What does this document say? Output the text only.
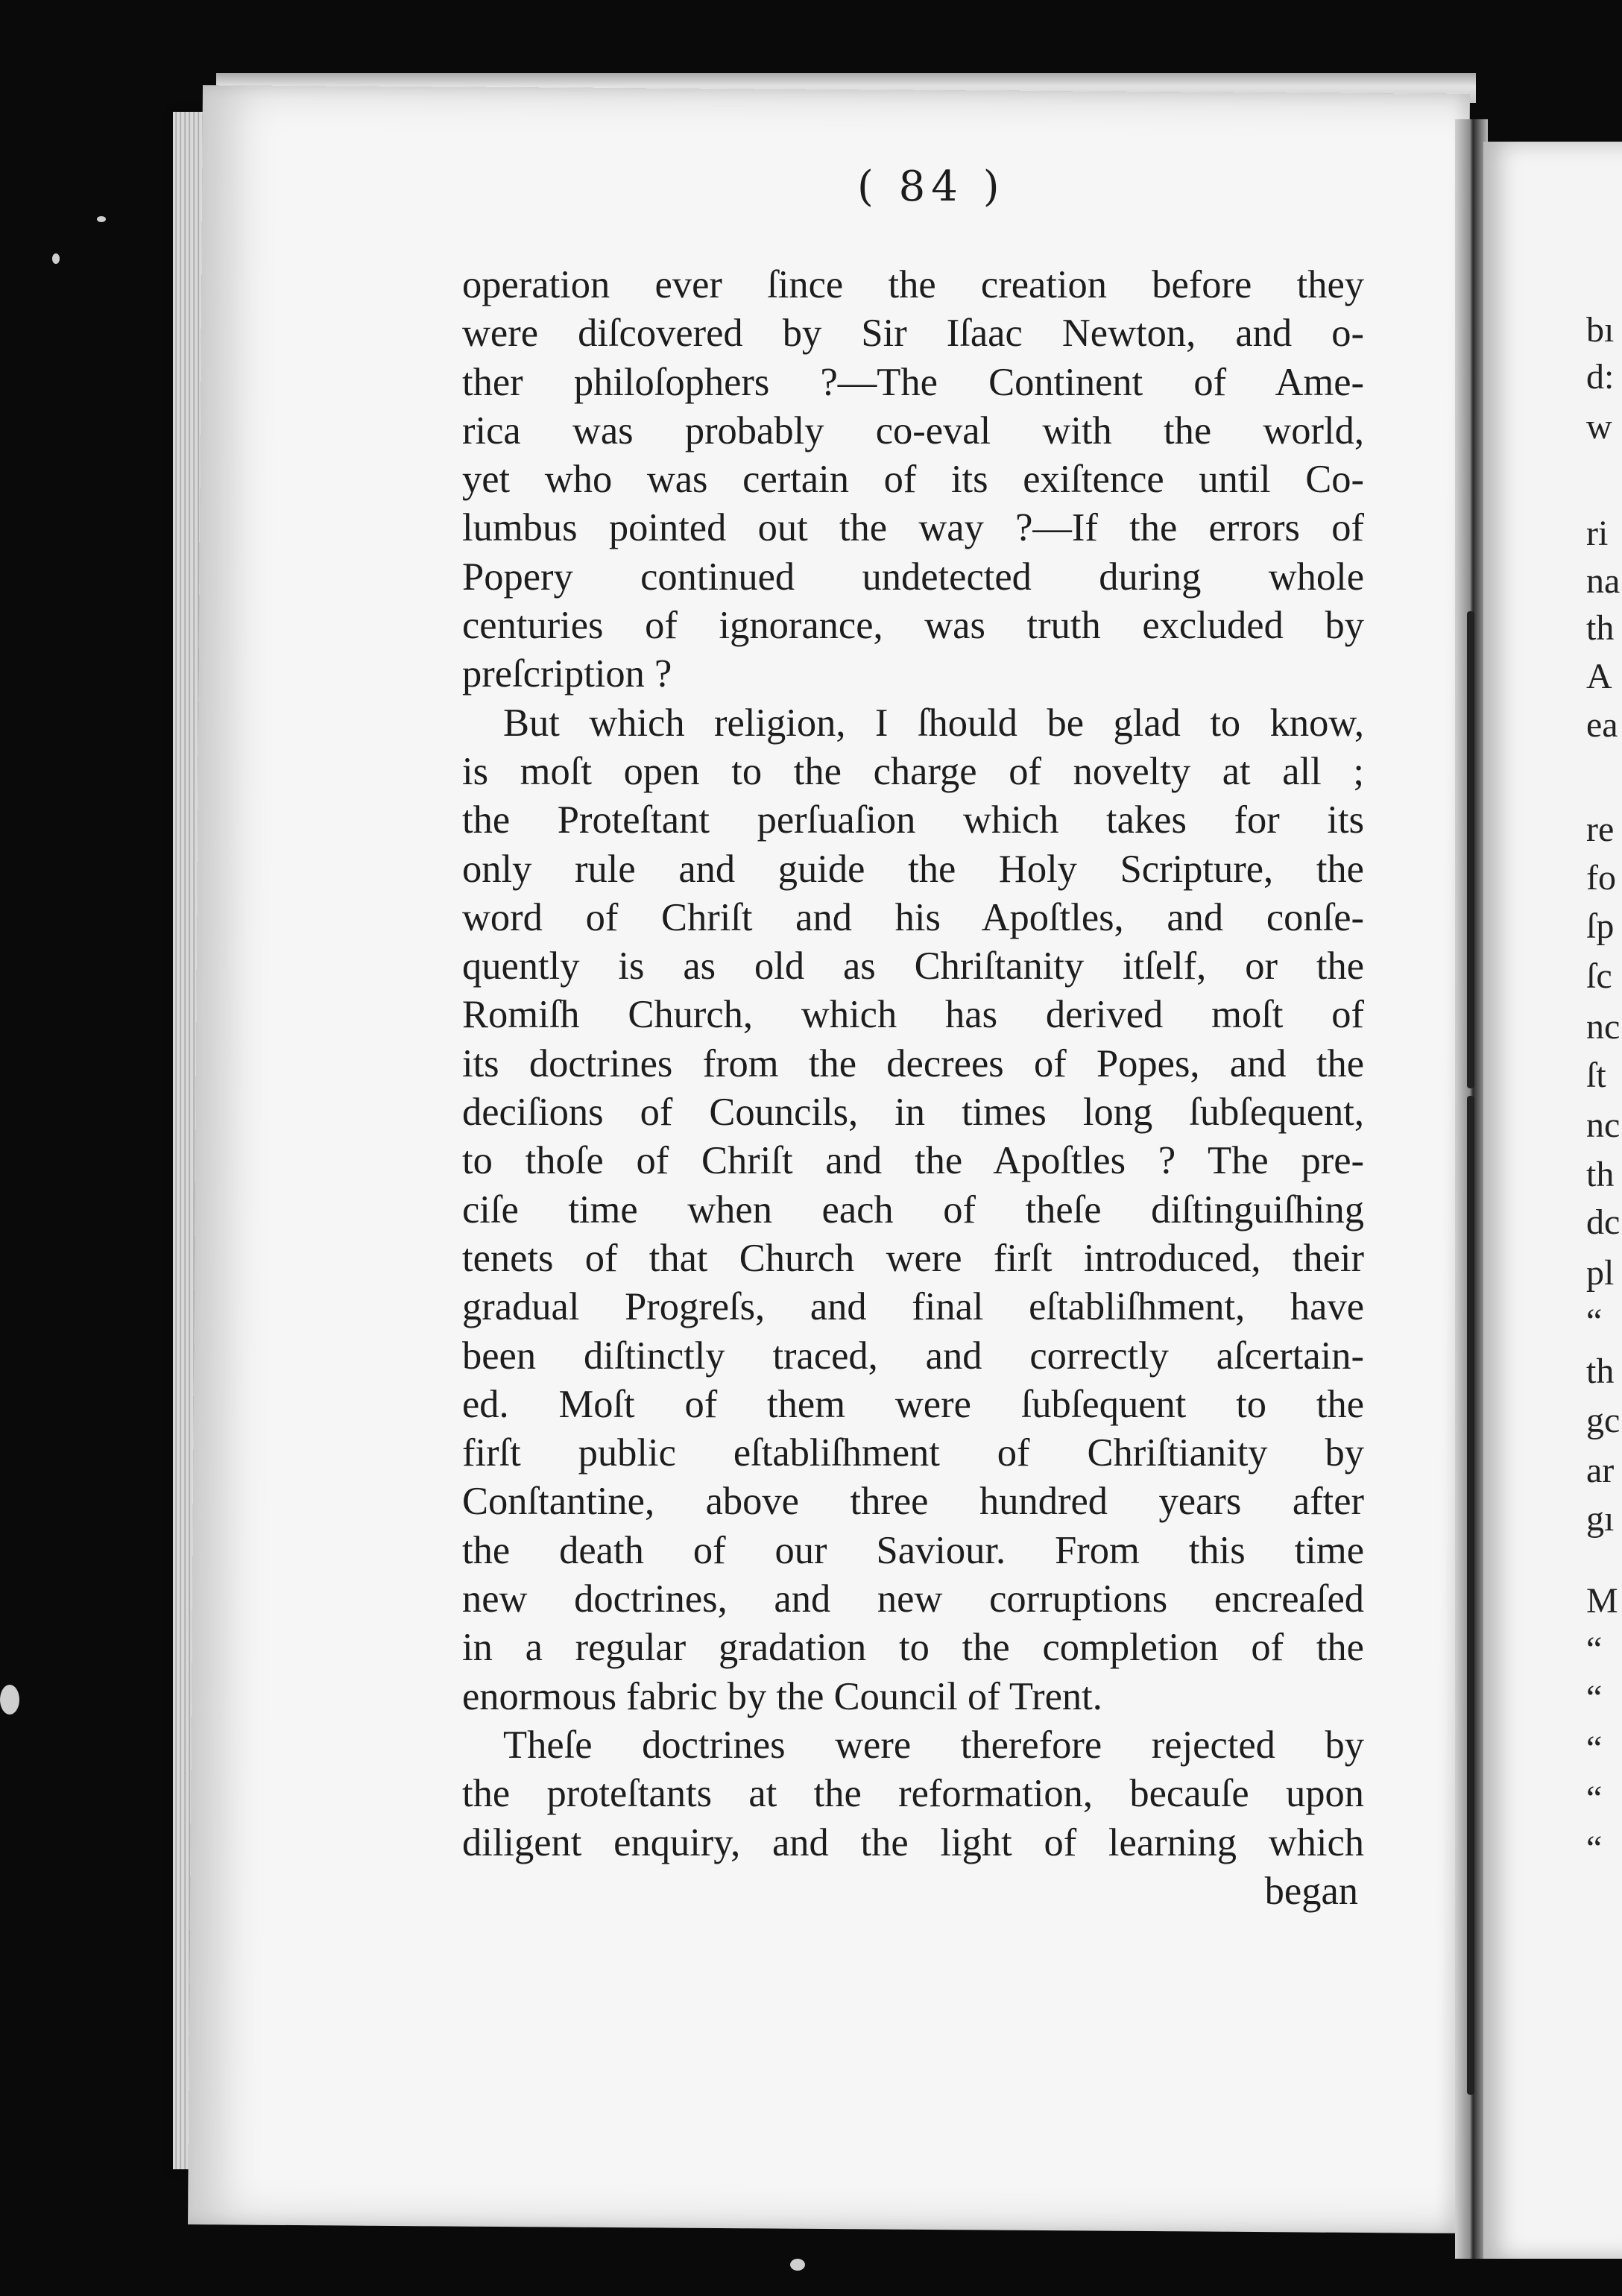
( 84 )
operation ever ſince the creation before they
were diſcovered by Sir Iſaac Newton, and o-
ther philoſophers ?—The Continent of Ame-
rica was probably co-eval with the world,
yet who was certain of its exiſtence until Co-
lumbus pointed out the way ?—If the errors of
Popery continued undetected during whole
centuries of ignorance, was truth excluded by
preſcription ?
But which religion, I ſhould be glad to know,
is moſt open to the charge of novelty at all ;
the Proteſtant perſuaſion which takes for its
only rule and guide the Holy Scripture, the
word of Chriſt and his Apoſtles, and conſe-
quently is as old as Chriſtanity itſelf, or the
Romiſh Church, which has derived moſt of
its doctrines from the decrees of Popes, and the
deciſions of Councils, in times long ſubſequent,
to thoſe of Chriſt and the Apoſtles ? The pre-
ciſe time when each of theſe diſtinguiſhing
tenets of that Church were firſt introduced, their
gradual Progreſs, and final eſtabliſhment, have
been diſtinctly traced, and correctly aſcertain-
ed. Moſt of them were ſubſequent to the
firſt public eſtabliſhment of Chriſtianity by
Conſtantine, above three hundred years after
the death of our Saviour. From this time
new doctrines, and new corruptions encreaſed
in a regular gradation to the completion of the
enormous fabric by the Council of Trent.
Theſe doctrines were therefore rejected by
the proteſtants at the reformation, becauſe upon
diligent enquiry, and the light of learning which
began
bı
d:
w
ri
na
th
A
ea
re
fo
ſp
ſc
nc
ſt
nc
th
dc
pl
“
th
gc
ar
gı
M
“
“
“
“
“
